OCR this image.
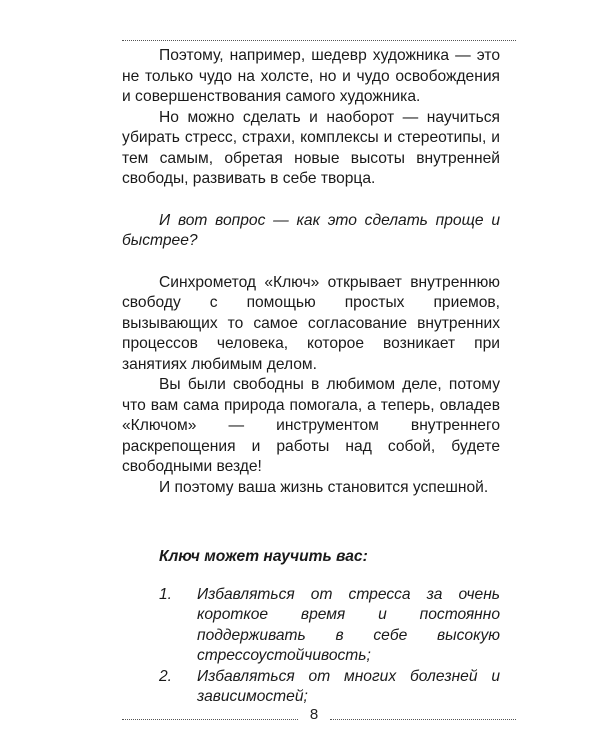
Поэтому, например, шедевр художника — это не только чудо на холсте, но и чудо освобождения и совершенствования самого художника.

Но можно сделать и наоборот — научиться убирать стресс, страхи, комплексы и стереотипы, и тем самым, обретая новые высоты внутренней свободы, развивать в себе творца.

И вот вопрос — как это сделать проще и быстрее?

Синхрометод «Ключ» открывает внутреннюю свободу с помощью простых приемов, вызывающих то самое согласование внутренних процессов человека, которое возникает при занятиях любимым делом.

Вы были свободны в любимом деле, потому что вам сама природа помогала, а теперь, овладев «Ключом» — инструментом внутреннего раскрепощения и работы над собой, будете свободными везде!

И поэтому ваша жизнь становится успешной.

Ключ может научить вас:

1.	Избавляться от стресса за очень короткое время и постоянно поддерживать в себе высокую стрессоустойчивость;
2.	Избавляться от многих болезней и зависимостей;
8
